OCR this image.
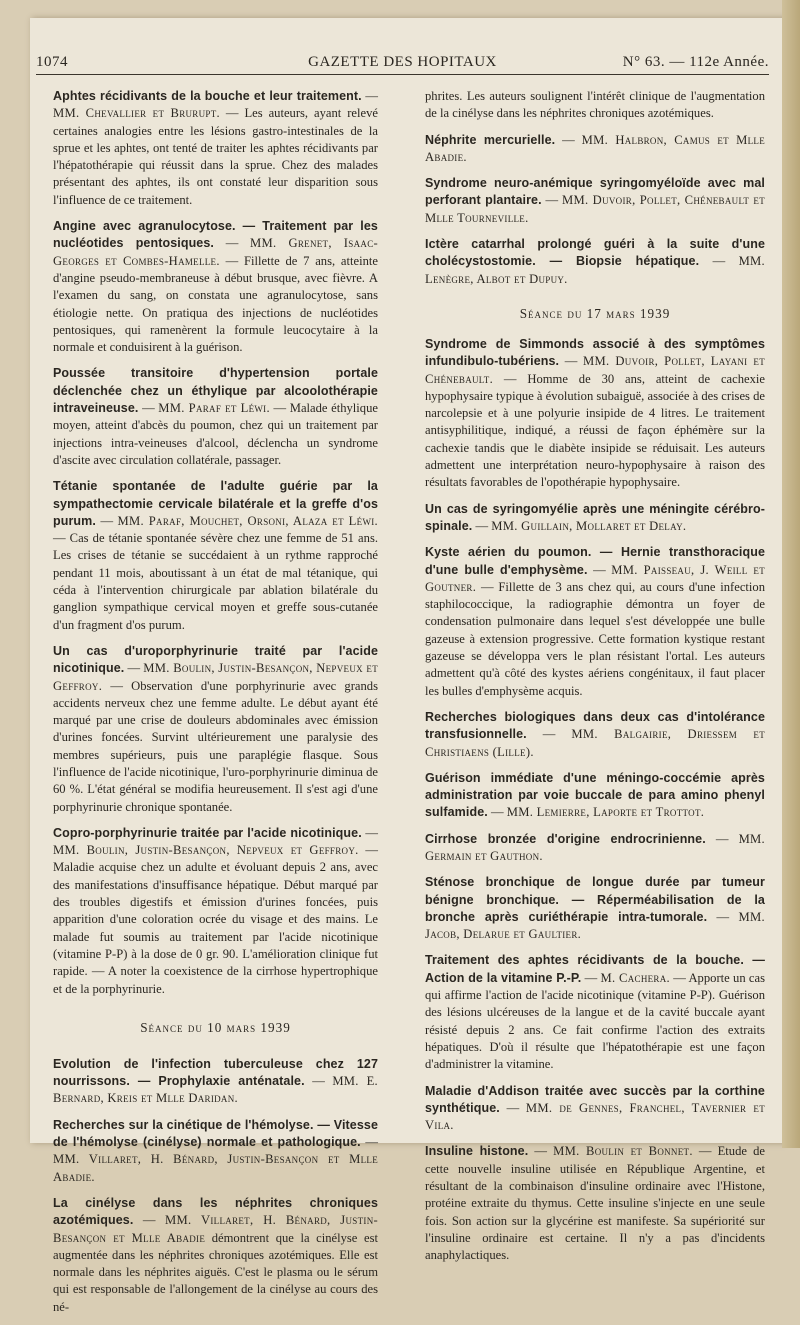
1074	GAZETTE DES HOPITAUX	N° 63. — 112e Année.

Aphtes récidivants de la bouche et leur traitement. — MM. Chevallier et Brurupt. — Les auteurs, ayant relevé certaines analogies entre les lésions gastro-intestinales de la sprue et les aphtes, ont tenté de traiter les aphtes récidivants par l'hépatothérapie qui réussit dans la sprue. Chez des malades présentant des aphtes, ils ont constaté leur disparition sous l'influence de ce traitement.

Angine avec agranulocytose. — Traitement par les nucléotides pentosiques. — MM. Grenet, Isaac-Georges et Combes-Hamelle. — Fillette de 7 ans, atteinte d'angine pseudo-membraneuse à début brusque, avec fièvre. A l'examen du sang, on constata une agranulocytose, sans étiologie nette. On pratiqua des injections de nucléotides pentosiques, qui ramenèrent la formule leucocytaire à la normale et conduisirent à la guérison.

Poussée transitoire d'hypertension portale déclenchée chez un éthylique par alcoolothérapie intraveineuse. — MM. Paraf et Léwi. — Malade éthylique moyen, atteint d'abcès du poumon, chez qui un traitement par injections intra-veineuses d'alcool, déclencha un syndrome d'ascite avec circulation collatérale, passager.

Tétanie spontanée de l'adulte guérie par la sympathectomie cervicale bilatérale et la greffe d'os purum. — MM. Paraf, Mouchet, Orsoni, Alaza et Léwi. — Cas de tétanie spontanée sévère chez une femme de 51 ans. Les crises de tétanie se succédaient à un rythme rapproché pendant 11 mois, aboutissant à un état de mal tétanique, qui céda à l'intervention chirurgicale par ablation bilatérale du ganglion sympathique cervical moyen et greffe sous-cutanée d'un fragment d'os purum.

Un cas d'uroporphyrinurie traité par l'acide nicotinique. — MM. Boulin, Justin-Besançon, Nepveux et Geffroy. — Observation d'une porphyrinurie avec grands accidents nerveux chez une femme adulte. Le début ayant été marqué par une crise de douleurs abdominales avec émission d'urines foncées. Survint ultérieurement une paralysie des membres supérieurs, puis une paraplégie flasque. Sous l'influence de l'acide nicotinique, l'uro-porphyrinurie diminua de 60 %. L'état général se modifia heureusement. Il s'est agi d'une porphyrinurie chronique spontanée.

Copro-porphyrinurie traitée par l'acide nicotinique. — MM. Boulin, Justin-Besançon, Nepveux et Geffroy. — Maladie acquise chez un adulte et évoluant depuis 2 ans, avec des manifestations d'insuffisance hépatique. Début marqué par des troubles digestifs et émission d'urines foncées, puis apparition d'une coloration ocrée du visage et des mains. Le malade fut soumis au traitement par l'acide nicotinique (vitamine P-P) à la dose de 0 gr. 90. L'amélioration clinique fut rapide. — A noter la coexistence de la cirrhose hypertrophique et de la porphyrinurie.

Séance du 10 mars 1939

Evolution de l'infection tuberculeuse chez 127 nourrissons. — Prophylaxie anténatale. — MM. E. Bernard, Kreis et Mlle Daridan.

Recherches sur la cinétique de l'hémolyse. — Vitesse de l'hémolyse (cinélyse) normale et pathologique. — MM. Villaret, H. Bénard, Justin-Besançon et Mlle Abadie.

La cinélyse dans les néphrites chroniques azotémiques. — MM. Villaret, H. Bénard, Justin-Besançon et Mlle Abadie démontrent que la cinélyse est augmentée dans les néphrites chroniques azotémiques. Elle est normale dans les néphrites aiguës. C'est le plasma ou le sérum qui est responsable de l'allongement de la cinélyse au cours des né-

phrites. Les auteurs soulignent l'intérêt clinique de l'augmentation de la cinélyse dans les néphrites chroniques azotémiques.

Néphrite mercurielle. — MM. Halbron, Camus et Mlle Abadie.

Syndrome neuro-anémique syringomyéloïde avec mal perforant plantaire. — MM. Duvoir, Pollet, Chénebault et Mlle Tourneville.

Ictère catarrhal prolongé guéri à la suite d'une cholécystostomie. — Biopsie hépatique. — MM. Lenègre, Albot et Dupuy.

Séance du 17 mars 1939

Syndrome de Simmonds associé à des symptômes infundibulo-tubériens. — MM. Duvoir, Pollet, Layani et Chénebault. — Homme de 30 ans, atteint de cachexie hypophysaire typique à évolution subaiguë, associée à des crises de narcolepsie et à une polyurie insipide de 4 litres. Le traitement antisyphilitique, indiqué, a réussi de façon éphémère sur la cachexie tandis que le diabète insipide se réduisait. Les auteurs admettent une interprétation neuro-hypophysaire à raison des résultats favorables de l'opothérapie hypophysaire.

Un cas de syringomyélie après une méningite cérébro-spinale. — MM. Guillain, Mollaret et Delay.

Kyste aérien du poumon. — Hernie transthoracique d'une bulle d'emphysème. — MM. Paisseau, J. Weill et Goutner. — Fillette de 3 ans chez qui, au cours d'une infection staphilococcique, la radiographie démontra un foyer de condensation pulmonaire dans lequel s'est développée une bulle gazeuse à extension progressive. Cette formation kystique restant gazeuse se développa vers le plan résistant l'ortal. Les auteurs admettent qu'à côté des kystes aériens congénitaux, il faut placer les bulles d'emphysème acquis.

Recherches biologiques dans deux cas d'intolérance transfusionnelle. — MM. Balgairie, Driessem et Christiaens (Lille).

Guérison immédiate d'une méningo-coccémie après administration par voie buccale de para amino phenyl sulfamide. — MM. Lemierre, Laporte et Trottot.

Cirrhose bronzée d'origine endrocrinienne. — MM. Germain et Gauthon.

Sténose bronchique de longue durée par tumeur bénigne bronchique. — Réperméabilisation de la bronche après curiéthérapie intra-tumorale. — MM. Jacob, Delarue et Gaultier.

Traitement des aphtes récidivants de la bouche. — Action de la vitamine P.-P. — M. Cachera. — Apporte un cas qui affirme l'action de l'acide nicotinique (vitamine P-P). Guérison des lésions ulcéreuses de la langue et de la cavité buccale ayant résisté depuis 2 ans. Ce fait confirme l'action des extraits hépatiques. D'où il résulte que l'hépatothérapie est une façon d'administrer la vitamine.

Maladie d'Addison traitée avec succès par la corthine synthétique. — MM. de Gennes, Franchel, Tavernier et Vila.

Insuline histone. — MM. Boulin et Bonnet. — Etude de cette nouvelle insuline utilisée en République Argentine, et résultant de la combinaison d'insuline ordinaire avec l'Histone, protéine extraite du thymus. Cette insuline s'injecte en une seule fois. Son action sur la glycérine est manifeste. Sa supériorité sur l'insuline ordinaire est certaine. Il n'y a pas d'incidents anaphylactiques.
